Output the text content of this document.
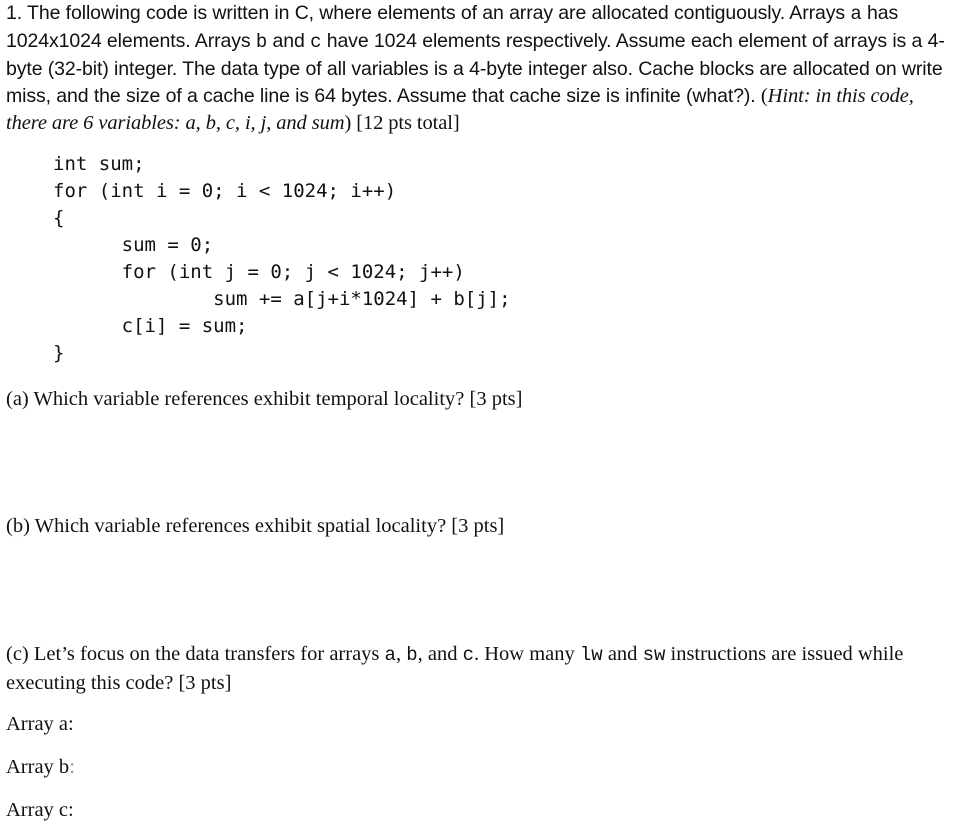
1. The following code is written in C, where elements of an array are allocated contiguously. Arrays a has 1024x1024 elements. Arrays b and c have 1024 elements respectively. Assume each element of arrays is a 4-byte (32-bit) integer. The data type of all variables is a 4-byte integer also. Cache blocks are allocated on write miss, and the size of a cache line is 64 bytes. Assume that cache size is infinite (what?). (Hint: in this code, there are 6 variables: a, b, c, i, j, and sum) [12 pts total]

int sum;
for (int i = 0; i < 1024; i++)
{
sum = 0;
for (int j = 0; j < 1024; j++)
sum += a[j+i*1024] + b[j];
c[i] = sum;
}

(a) Which variable references exhibit temporal locality? [3 pts]

(b) Which variable references exhibit spatial locality? [3 pts]

(c) Let’s focus on the data transfers for arrays a, b, and c. How many lw and sw instructions are issued while executing this code? [3 pts]

Array a:

Array b:

Array c:
